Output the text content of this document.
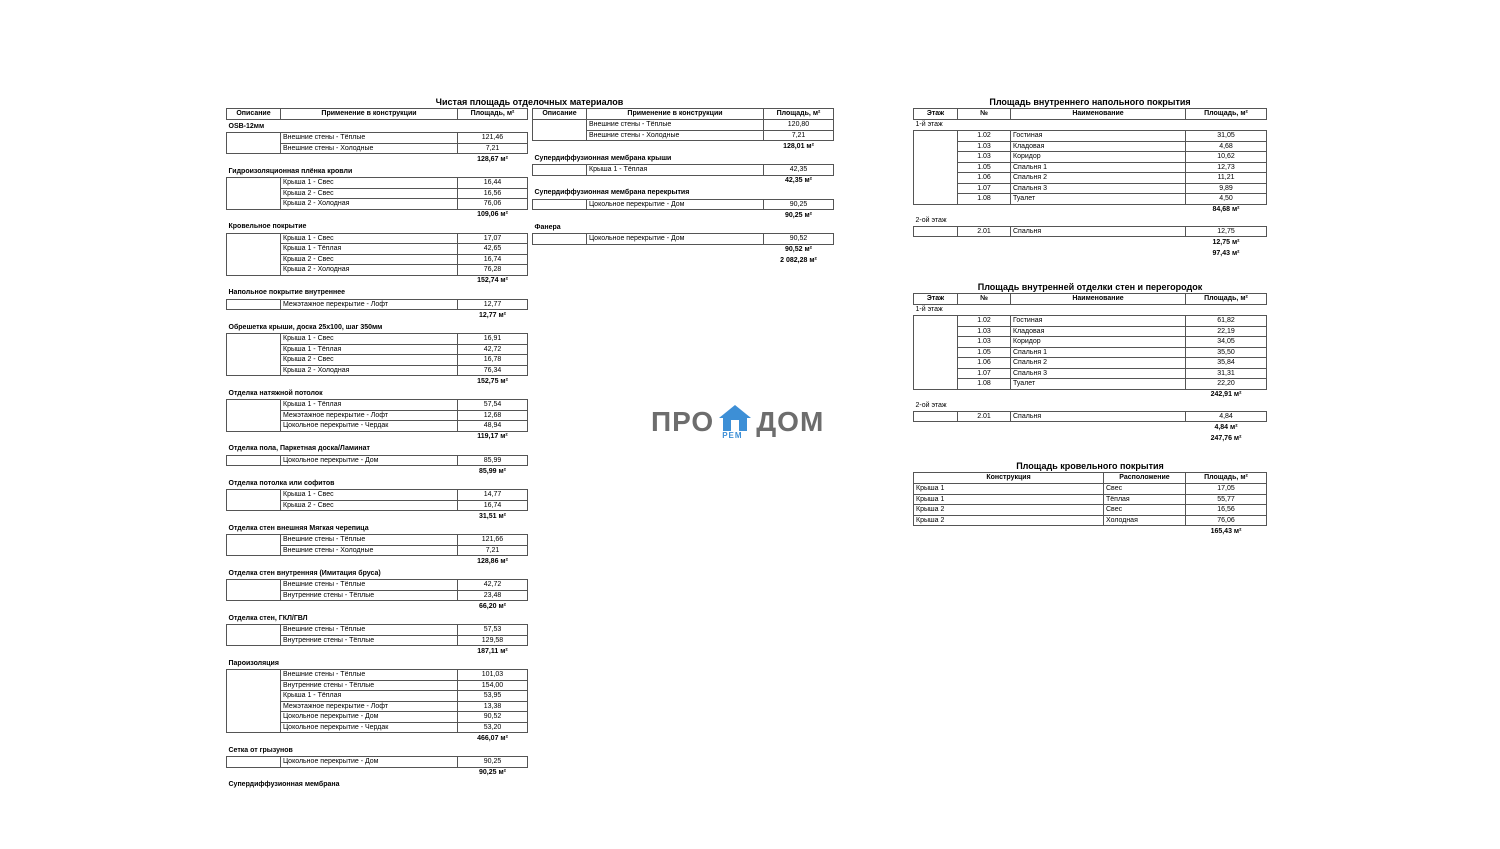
Чистая площадь отделочных материалов
Описание	Применение в конструкции	Площадь, м²
OSB-12мм		
	Внешние стены - Тёплые	121,46
	Внешние стены - Холодные	7,21
		128,67 м²
Гидроизоляционная плёнка кровли		
	Крыша 1 - Свес	16,44
	Крыша 2 - Свес	16,56
	Крыша 2 - Холодная	76,06
		109,06 м²
Кровельное покрытие		
	Крыша 1 - Свес	17,07
	Крыша 1 - Тёплая	42,65
	Крыша 2 - Свес	16,74
	Крыша 2 - Холодная	76,28
		152,74 м²
Напольное покрытие внутреннее		
	Межэтажное перекрытие - Лофт	12,77
		12,77 м²
Обрешетка крыши, доска 25х100, шаг 350мм		
	Крыша 1 - Свес	16,91
	Крыша 1 - Тёплая	42,72
	Крыша 2 - Свес	16,78
	Крыша 2 - Холодная	76,34
		152,75 м²
Отделка натяжной потолок		
	Крыша 1 - Тёплая	57,54
	Межэтажное перекрытие - Лофт	12,68
	Цокольное перекрытие - Чердак	48,94
		119,17 м²
Отделка пола, Паркетная доска/Ламинат		
	Цокольное перекрытие - Дом	85,99
		85,99 м²
Отделка потолка или софитов		
	Крыша 1 - Свес	14,77
	Крыша 2 - Свес	16,74
		31,51 м²
Отделка стен внешняя Мягкая черепица		
	Внешние стены - Тёплые	121,66
	Внешние стены - Холодные	7,21
		128,86 м²
Отделка стен внутренняя (Имитация бруса)		
	Внешние стены - Тёплые	42,72
	Внутренние стены - Тёплые	23,48
		66,20 м²
Отделка стен, ГКЛ/ГВЛ		
	Внешние стены - Тёплые	57,53
	Внутренние стены - Тёплые	129,58
		187,11 м²
Пароизоляция		
	Внешние стены - Тёплые	101,03
	Внутренние стены - Тёплые	154,00
	Крыша 1 - Тёплая	53,95
	Межэтажное перекрытие - Лофт	13,38
	Цокольное перекрытие - Дом	90,52
	Цокольное перекрытие - Чердак	53,20
		466,07 м²
Сетка от грызунов		
	Цокольное перекрытие - Дом	90,25
		90,25 м²
Супердиффузионная мембрана		
Описание	Применение в конструкции	Площадь, м²
	Внешние стены - Тёплые	120,80
	Внешние стены - Холодные	7,21
		128,01 м²
Супердиффузионная мембрана крыши		
	Крыша 1 - Тёплая	42,35
		42,35 м²
Супердиффузионная мембрана перекрытия		
	Цокольное перекрытие - Дом	90,25
		90,25 м²
Фанера		
	Цокольное перекрытие - Дом	90,52
		90,52 м²
		2 082,28 м²
ПРО РЕМ ДОМ
Площадь внутреннего напольного покрытия
Этаж	№	Наименование	Площадь, м²
1-й этаж			
	1.02	Гостиная	31,05
	1.03	Кладовая	4,68
	1.03	Коридор	10,62
	1.05	Спальня 1	12,73
	1.06	Спальня 2	11,21
	1.07	Спальня 3	9,89
	1.08	Туалет	4,50
			84,68 м²
2-ой этаж			
	2.01	Спальня	12,75
			12,75 м²
			97,43 м²
Площадь внутренней отделки стен и перегородок
Этаж	№	Наименование	Площадь, м²
1-й этаж			
	1.02	Гостиная	61,82
	1.03	Кладовая	22,19
	1.03	Коридор	34,05
	1.05	Спальня 1	35,50
	1.06	Спальня 2	35,84
	1.07	Спальня 3	31,31
	1.08	Туалет	22,20
			242,91 м²
2-ой этаж			
	2.01	Спальня	4,84
			4,84 м²
			247,76 м²
Площадь кровельного покрытия
Конструкция	Расположение	Площадь, м²
Крыша 1	Свес	17,05
Крыша 1	Тёплая	55,77
Крыша 2	Свес	16,56
Крыша 2	Холодная	76,06
		165,43 м²
